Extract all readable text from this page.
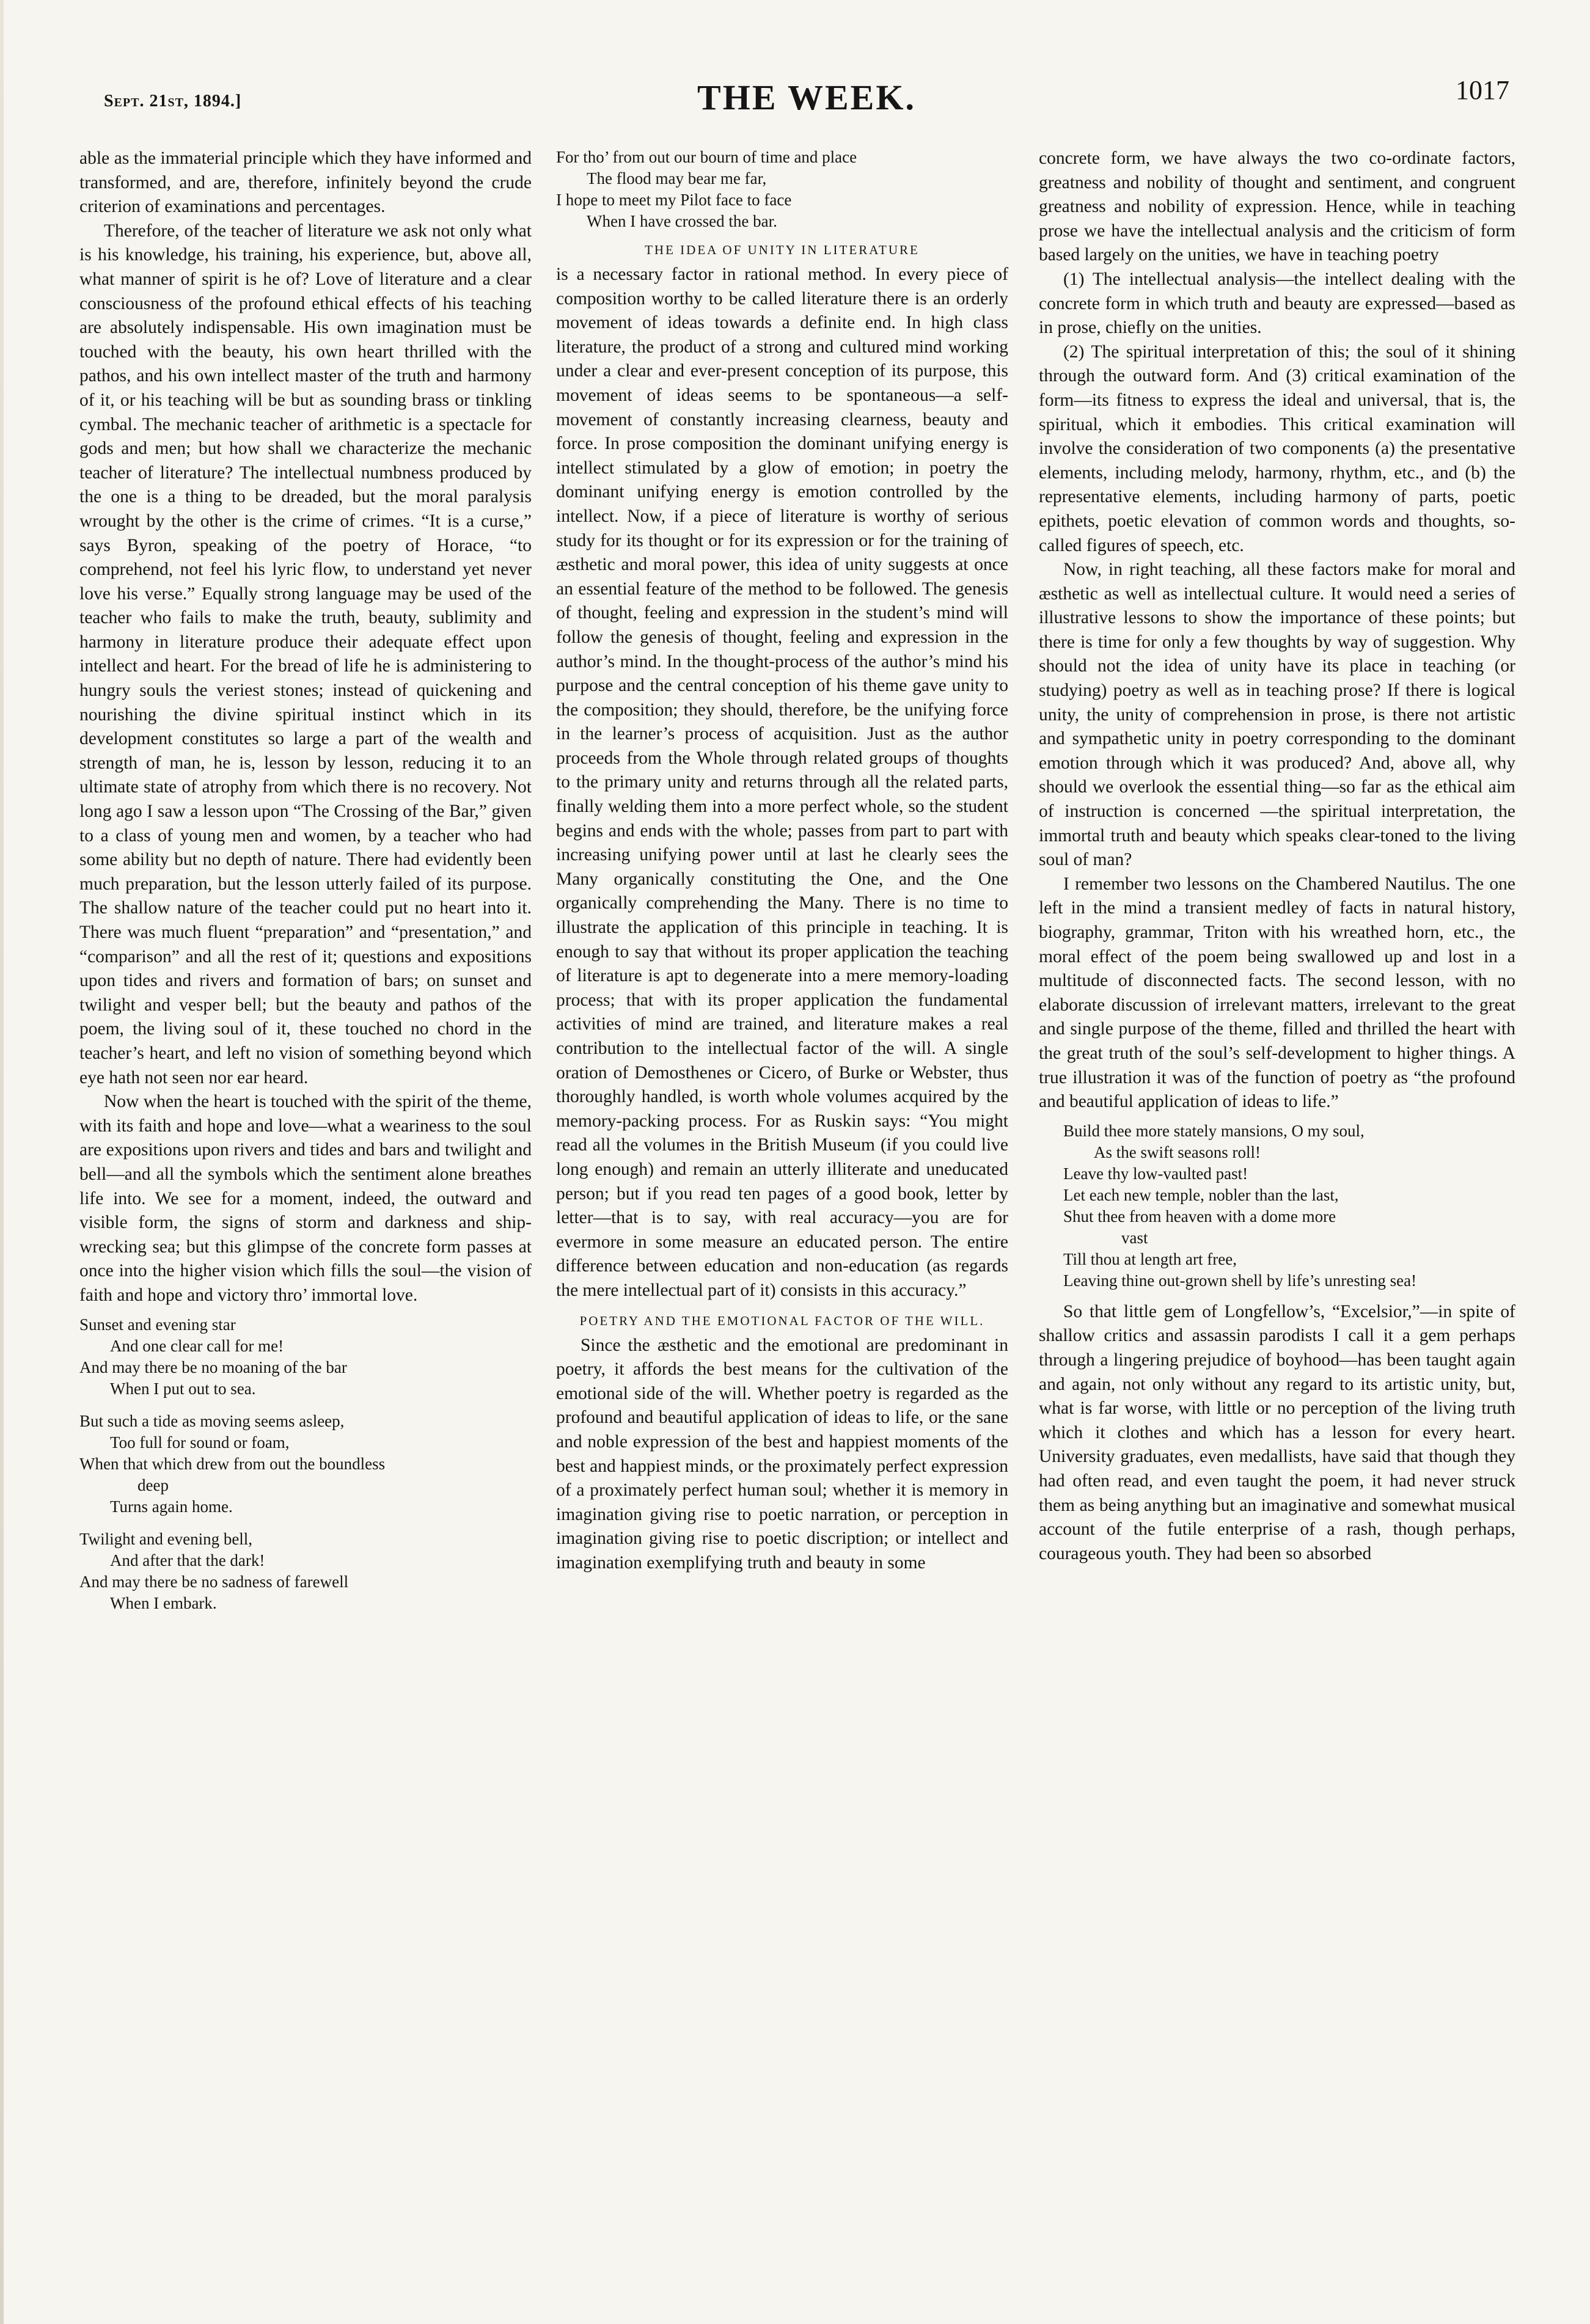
Sept. 21st, 1894.]	THE WEEK.	1017

able as the immaterial principle which they have informed and transformed, and are, therefore, infinitely beyond the crude criterion of examinations and percentages.

Therefore, of the teacher of literature we ask not only what is his knowledge, his training, his experience, but, above all, what manner of spirit is he of? Love of literature and a clear consciousness of the profound ethical effects of his teaching are absolutely indispensable. His own imagination must be touched with the beauty, his own heart thrilled with the pathos, and his own intellect master of the truth and harmony of it, or his teaching will be but as sounding brass or tinkling cymbal. The mechanic teacher of arithmetic is a spectacle for gods and men; but how shall we characterize the mechanic teacher of literature? The intellectual numbness produced by the one is a thing to be dreaded, but the moral paralysis wrought by the other is the crime of crimes. “It is a curse,” says Byron, speaking of the poetry of Horace, “to comprehend, not feel his lyric flow, to understand yet never love his verse.” Equally strong language may be used of the teacher who fails to make the truth, beauty, sublimity and harmony in literature produce their adequate effect upon intellect and heart. For the bread of life he is administering to hungry souls the veriest stones; instead of quickening and nourishing the divine spiritual instinct which in its development constitutes so large a part of the wealth and strength of man, he is, lesson by lesson, reducing it to an ultimate state of atrophy from which there is no recovery. Not long ago I saw a lesson upon “The Crossing of the Bar,” given to a class of young men and women, by a teacher who had some ability but no depth of nature. There had evidently been much preparation, but the lesson utterly failed of its purpose. The shallow nature of the teacher could put no heart into it. There was much fluent “preparation” and “presentation,” and “comparison” and all the rest of it; questions and expositions upon tides and rivers and formation of bars; on sunset and twilight and vesper bell; but the beauty and pathos of the poem, the living soul of it, these touched no chord in the teacher’s heart, and left no vision of something beyond which eye hath not seen nor ear heard.

Now when the heart is touched with the spirit of the theme, with its faith and hope and love—what a weariness to the soul are expositions upon rivers and tides and bars and twilight and bell—and all the symbols which the sentiment alone breathes life into. We see for a moment, indeed, the outward and visible form, the signs of storm and darkness and ship-wrecking sea; but this glimpse of the concrete form passes at once into the higher vision which fills the soul—the vision of faith and hope and victory thro’ immortal love.

Sunset and evening star
And one clear call for me!
And may there be no moaning of the bar
When I put out to sea.
But such a tide as moving seems asleep,
Too full for sound or foam,
When that which drew from out the boundless
deep
Turns again home.
Twilight and evening bell,
And after that the dark!
And may there be no sadness of farewell
When I embark.
For tho’ from out our bourn of time and place
The flood may bear me far,
I hope to meet my Pilot face to face
When I have crossed the bar.
THE IDEA OF UNITY IN LITERATURE

is a necessary factor in rational method. In every piece of composition worthy to be called literature there is an orderly movement of ideas towards a definite end. In high class literature, the product of a strong and cultured mind working under a clear and ever-present conception of its purpose, this movement of ideas seems to be spontaneous—a self-movement of constantly increasing clearness, beauty and force. In prose composition the dominant unifying energy is intellect stimulated by a glow of emotion; in poetry the dominant unifying energy is emotion controlled by the intellect. Now, if a piece of literature is worthy of serious study for its thought or for its expression or for the training of æsthetic and moral power, this idea of unity suggests at once an essential feature of the method to be followed. The genesis of thought, feeling and expression in the student’s mind will follow the genesis of thought, feeling and expression in the author’s mind. In the thought-process of the author’s mind his purpose and the central conception of his theme gave unity to the composition; they should, therefore, be the unifying force in the learner’s process of acquisition. Just as the author proceeds from the Whole through related groups of thoughts to the primary unity and returns through all the related parts, finally welding them into a more perfect whole, so the student begins and ends with the whole; passes from part to part with increasing unifying power until at last he clearly sees the Many organically constituting the One, and the One organically comprehending the Many. There is no time to illustrate the application of this principle in teaching. It is enough to say that without its proper application the teaching of literature is apt to degenerate into a mere memory-loading process; that with its proper application the fundamental activities of mind are trained, and literature makes a real contribution to the intellectual factor of the will. A single oration of Demosthenes or Cicero, of Burke or Webster, thus thoroughly handled, is worth whole volumes acquired by the memory-packing process. For as Ruskin says: “You might read all the volumes in the British Museum (if you could live long enough) and remain an utterly illiterate and uneducated person; but if you read ten pages of a good book, letter by letter—that is to say, with real accuracy—you are for evermore in some measure an educated person. The entire difference between education and non-education (as regards the mere intellectual part of it) consists in this accuracy.”

POETRY AND THE EMOTIONAL FACTOR OF THE WILL.

Since the æsthetic and the emotional are predominant in poetry, it affords the best means for the cultivation of the emotional side of the will. Whether poetry is regarded as the profound and beautiful application of ideas to life, or the sane and noble expression of the best and happiest moments of the best and happiest minds, or the proximately perfect expression of a proximately perfect human soul; whether it is memory in imagination giving rise to poetic narration, or perception in imagination giving rise to poetic discription; or intellect and imagination exemplifying truth and beauty in some

concrete form, we have always the two co-ordinate factors, greatness and nobility of thought and sentiment, and congruent greatness and nobility of expression. Hence, while in teaching prose we have the intellectual analysis and the criticism of form based largely on the unities, we have in teaching poetry

(1) The intellectual analysis—the intellect dealing with the concrete form in which truth and beauty are expressed—based as in prose, chiefly on the unities.

(2) The spiritual interpretation of this; the soul of it shining through the outward form. And (3) critical examination of the form—its fitness to express the ideal and universal, that is, the spiritual, which it embodies. This critical examination will involve the consideration of two components (a) the presentative elements, including melody, harmony, rhythm, etc., and (b) the representative elements, including harmony of parts, poetic epithets, poetic elevation of common words and thoughts, so-called figures of speech, etc.

Now, in right teaching, all these factors make for moral and æsthetic as well as intellectual culture. It would need a series of illustrative lessons to show the importance of these points; but there is time for only a few thoughts by way of suggestion. Why should not the idea of unity have its place in teaching (or studying) poetry as well as in teaching prose? If there is logical unity, the unity of comprehension in prose, is there not artistic and sympathetic unity in poetry corresponding to the dominant emotion through which it was produced? And, above all, why should we overlook the essential thing—so far as the ethical aim of instruction is concerned —the spiritual interpretation, the immortal truth and beauty which speaks clear-toned to the living soul of man?

I remember two lessons on the Chambered Nautilus. The one left in the mind a transient medley of facts in natural history, biography, grammar, Triton with his wreathed horn, etc., the moral effect of the poem being swallowed up and lost in a multitude of disconnected facts. The second lesson, with no elaborate discussion of irrelevant matters, irrelevant to the great and single purpose of the theme, filled and thrilled the heart with the great truth of the soul’s self-development to higher things. A true illustration it was of the function of poetry as “the profound and beautiful application of ideas to life.”

Build thee more stately mansions, O my soul,
As the swift seasons roll!
Leave thy low-vaulted past!
Let each new temple, nobler than the last,
Shut thee from heaven with a dome more
vast
Till thou at length art free,
Leaving thine out-grown shell by life’s unresting sea!

So that little gem of Longfellow’s, “Excelsior,”—in spite of shallow critics and assassin parodists I call it a gem perhaps through a lingering prejudice of boyhood—has been taught again and again, not only without any regard to its artistic unity, but, what is far worse, with little or no perception of the living truth which it clothes and which has a lesson for every heart. University graduates, even medallists, have said that though they had often read, and even taught the poem, it had never struck them as being anything but an imaginative and somewhat musical account of the futile enterprise of a rash, though perhaps, courageous youth. They had been so absorbed
